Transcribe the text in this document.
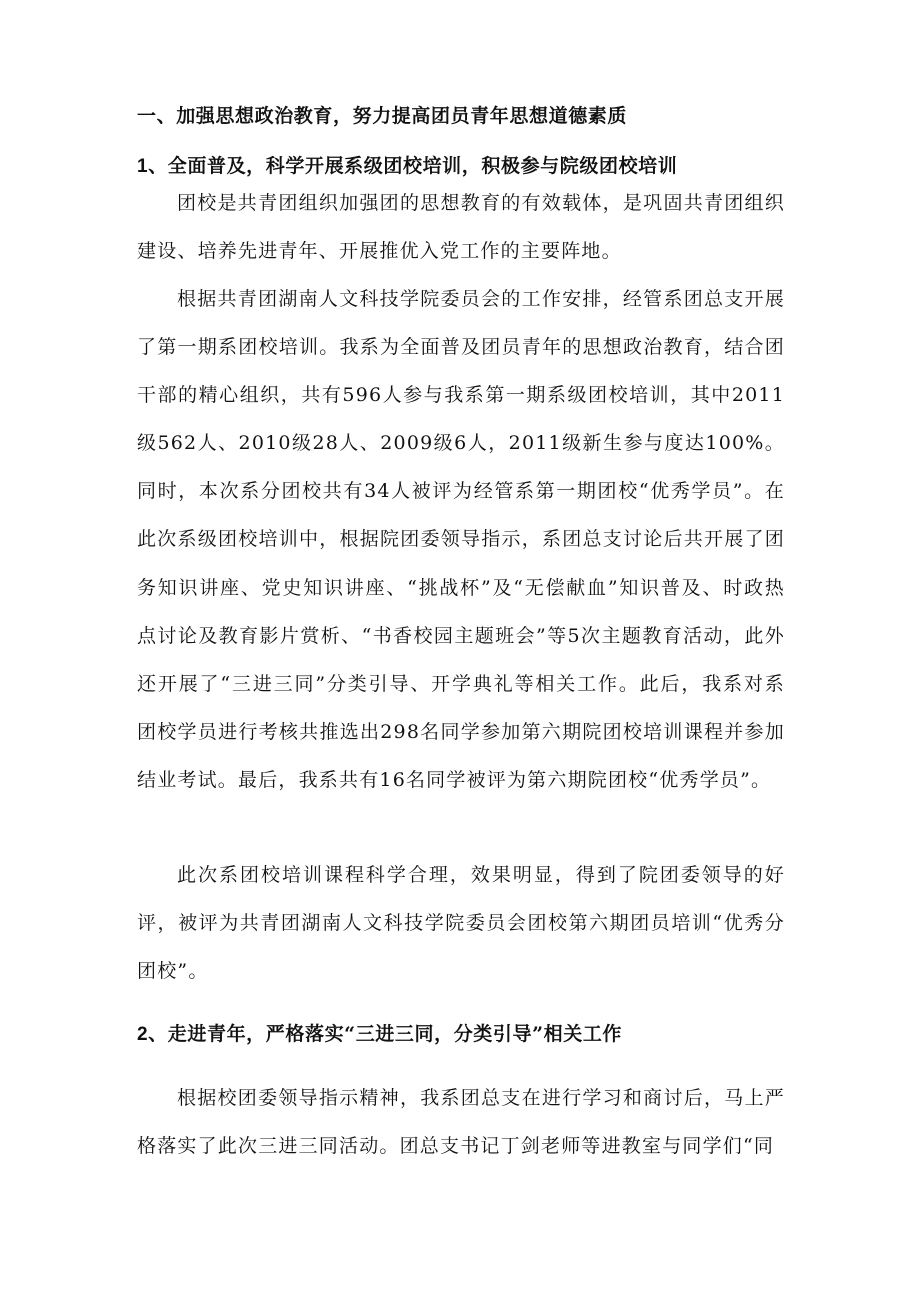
一、加强思想政治教育，努力提高团员青年思想道德素质
1、全面普及，科学开展系级团校培训，积极参与院级团校培训

团校是共青团组织加强团的思想教育的有效载体，是巩固共青团组织建设、培养先进青年、开展推优入党工作的主要阵地。

根据共青团湖南人文科技学院委员会的工作安排，经管系团总支开展了第一期系团校培训。我系为全面普及团员青年的思想政治教育，结合团干部的精心组织，共有596人参与我系第一期系级团校培训，其中2011级562人、2010级28人、2009级6人，2011级新生参与度达100%。同时，本次系分团校共有34人被评为经管系第一期团校“优秀学员”。在此次系级团校培训中，根据院团委领导指示，系团总支讨论后共开展了团务知识讲座、党史知识讲座、“挑战杯”及“无偿献血”知识普及、时政热点讨论及教育影片赏析、“书香校园主题班会”等5次主题教育活动，此外还开展了“三进三同”分类引导、开学典礼等相关工作。此后，我系对系团校学员进行考核共推选出298名同学参加第六期院团校培训课程并参加结业考试。最后，我系共有16名同学被评为第六期院团校“优秀学员”。

此次系团校培训课程科学合理，效果明显，得到了院团委领导的好评，被评为共青团湖南人文科技学院委员会团校第六期团员培训“优秀分团校”。

2、走进青年，严格落实“三进三同，分类引导”相关工作

根据校团委领导指示精神，我系团总支在进行学习和商讨后，马上严格落实了此次三进三同活动。团总支书记丁剑老师等进教室与同学们“同
